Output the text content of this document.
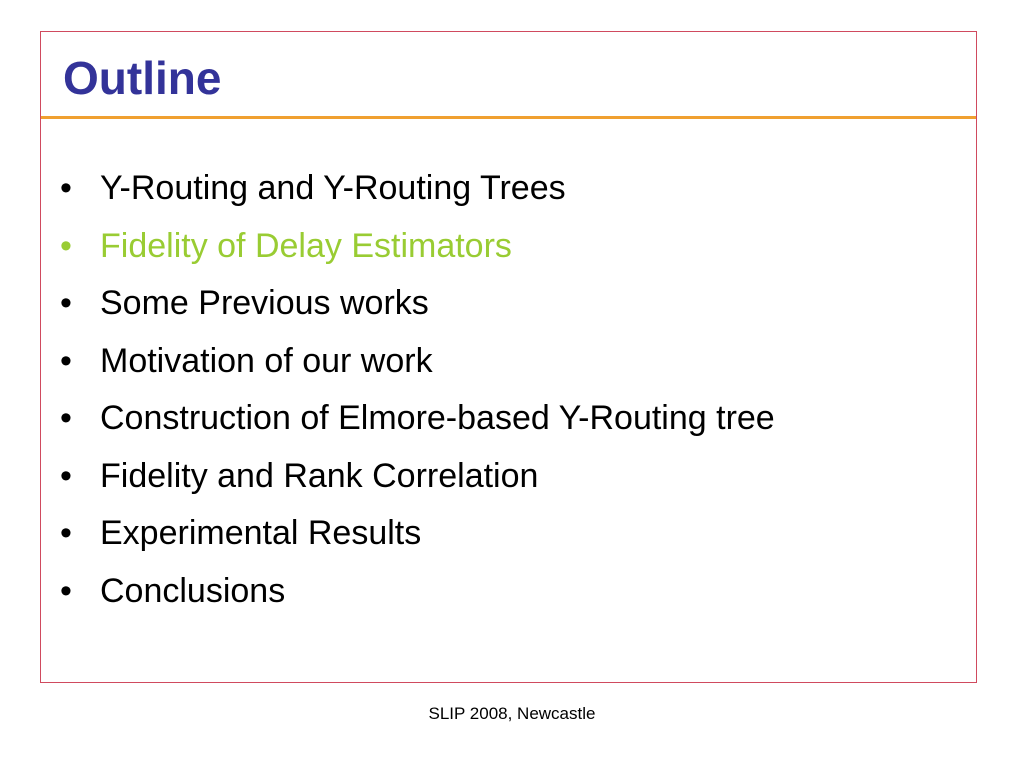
Outline
• Y-Routing and Y-Routing Trees
• Fidelity of Delay Estimators
• Some Previous works
• Motivation of our work
• Construction of Elmore-based Y-Routing tree
• Fidelity and Rank Correlation
• Experimental Results
• Conclusions
SLIP 2008, Newcastle
